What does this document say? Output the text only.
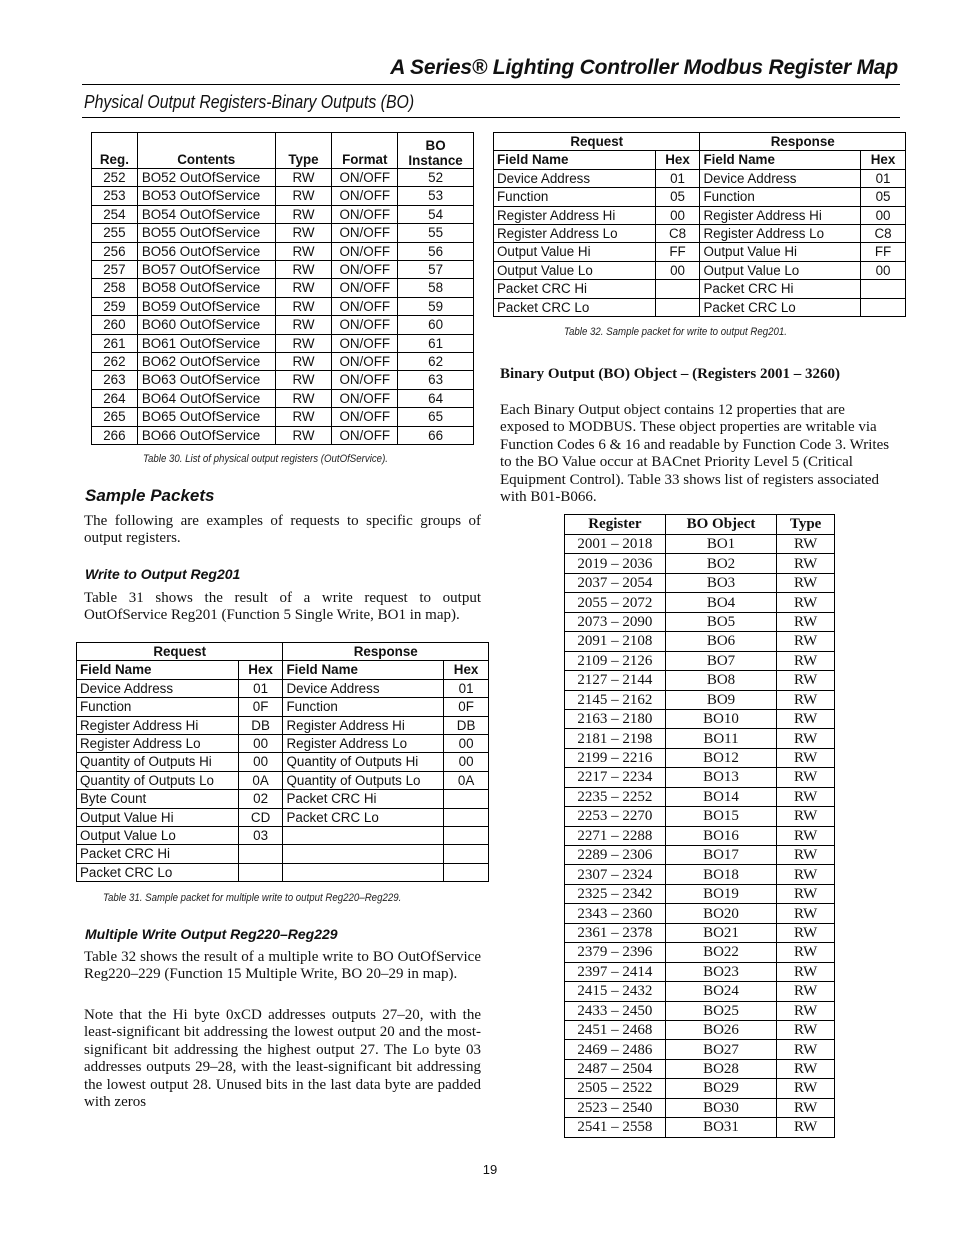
A Series® Lighting Controller Modbus Register Map
Physical Output Registers-Binary Outputs (BO)
Reg.	Contents	Type	Format	BO Instance
252	BO52 OutOfService	RW	ON/OFF	52
253	BO53 OutOfService	RW	ON/OFF	53
254	BO54 OutOfService	RW	ON/OFF	54
255	BO55 OutOfService	RW	ON/OFF	55
256	BO56 OutOfService	RW	ON/OFF	56
257	BO57 OutOfService	RW	ON/OFF	57
258	BO58 OutOfService	RW	ON/OFF	58
259	BO59 OutOfService	RW	ON/OFF	59
260	BO60 OutOfService	RW	ON/OFF	60
261	BO61 OutOfService	RW	ON/OFF	61
262	BO62 OutOfService	RW	ON/OFF	62
263	BO63 OutOfService	RW	ON/OFF	63
264	BO64 OutOfService	RW	ON/OFF	64
265	BO65 OutOfService	RW	ON/OFF	65
266	BO66 OutOfService	RW	ON/OFF	66
Table 30. List of physical output registers (OutOfService).
Sample Packets
The following are examples of requests to specific groups of output registers.
Write to Output Reg201
Table 31 shows the result of a write request to output OutOfService Reg201 (Function 5 Single Write, BO1 in map).
Request		Response	
Field Name	Hex	Field Name	Hex
Device Address	01	Device Address	01
Function	0F	Function	0F
Register Address Hi	DB	Register Address Hi	DB
Register Address Lo	00	Register Address Lo	00
Quantity of Outputs Hi	00	Quantity of Outputs Hi	00
Quantity of Outputs Lo	0A	Quantity of Outputs Lo	0A
Byte Count	02	Packet CRC Hi	
Output Value Hi	CD	Packet CRC Lo	
Output Value Lo	03		
Packet CRC Hi			
Packet CRC Lo			
Table 31. Sample packet for multiple write to output Reg220–Reg229.
Multiple Write Output Reg220–Reg229
Table 32 shows the result of a multiple write to BO OutOfService Reg220–229 (Function 15 Multiple Write, BO 20–29 in map).
Note that the Hi byte 0xCD addresses outputs 27–20, with the least-significant bit addressing the lowest output 20 and the most-significant bit addressing the highest output 27. The Lo byte 03 addresses outputs 29–28, with the least-significant bit addressing the lowest output 28. Unused bits in the last data byte are padded with zeros
Request		Response	
Field Name	Hex	Field Name	Hex
Device Address	01	Device Address	01
Function	05	Function	05
Register Address Hi	00	Register Address Hi	00
Register Address Lo	C8	Register Address Lo	C8
Output Value Hi	FF	Output Value Hi	FF
Output Value Lo	00	Output Value Lo	00
Packet CRC Hi		Packet CRC Hi	
Packet CRC Lo		Packet CRC Lo	
Table 32. Sample packet for write to output Reg201.
Binary Output (BO) Object – (Registers 2001 – 3260)
Each Binary Output object contains 12 properties that are exposed to MODBUS. These object properties are writable via Function Codes 6 & 16 and readable by Function Code 3. Writes to the BO Value occur at BACnet Priority Level 5 (Critical Equipment Control). Table 33 shows list of registers associated with B01-B066.
Register	BO Object	Type
2001 – 2018	BO1	RW
2019 – 2036	BO2	RW
2037 – 2054	BO3	RW
2055 – 2072	BO4	RW
2073 – 2090	BO5	RW
2091 – 2108	BO6	RW
2109 – 2126	BO7	RW
2127 – 2144	BO8	RW
2145 – 2162	BO9	RW
2163 – 2180	BO10	RW
2181 – 2198	BO11	RW
2199 – 2216	BO12	RW
2217 – 2234	BO13	RW
2235 – 2252	BO14	RW
2253 – 2270	BO15	RW
2271 – 2288	BO16	RW
2289 – 2306	BO17	RW
2307 – 2324	BO18	RW
2325 – 2342	BO19	RW
2343 – 2360	BO20	RW
2361 – 2378	BO21	RW
2379 – 2396	BO22	RW
2397 – 2414	BO23	RW
2415 – 2432	BO24	RW
2433 – 2450	BO25	RW
2451 – 2468	BO26	RW
2469 – 2486	BO27	RW
2487 – 2504	BO28	RW
2505 – 2522	BO29	RW
2523 – 2540	BO30	RW
2541 – 2558	BO31	RW
19
